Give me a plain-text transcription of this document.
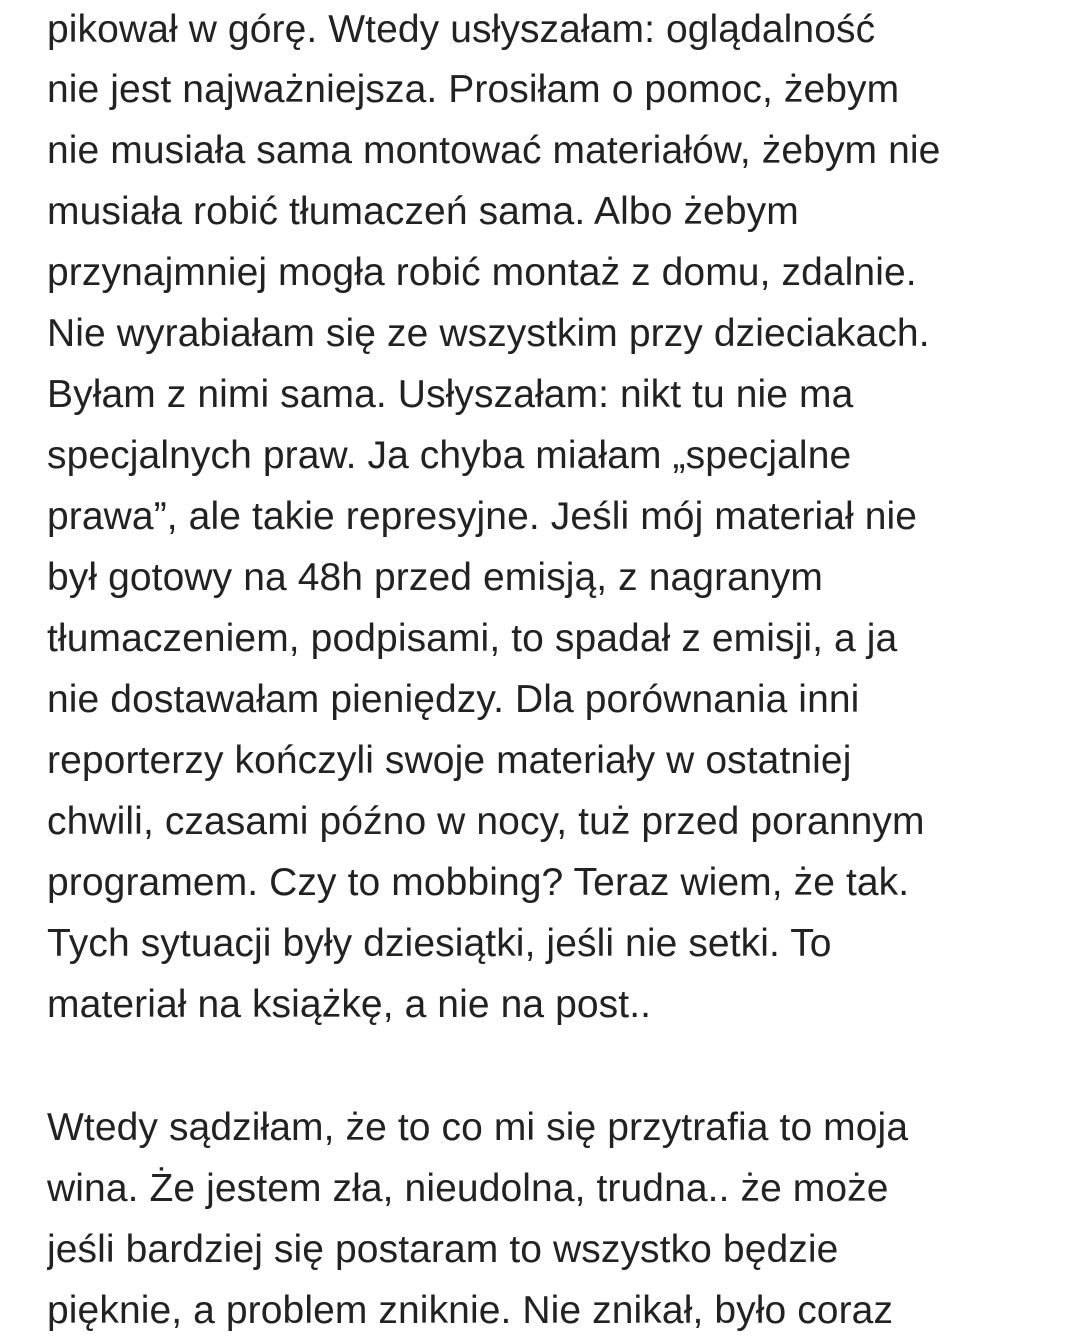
pikował w górę. Wtedy usłyszałam: oglądalność
nie jest najważniejsza. Prosiłam o pomoc, żebym
nie musiała sama montować materiałów, żebym nie
musiała robić tłumaczeń sama. Albo żebym
przynajmniej mogła robić montaż z domu, zdalnie.
Nie wyrabiałam się ze wszystkim przy dzieciakach.
Byłam z nimi sama. Usłyszałam: nikt tu nie ma
specjalnych praw. Ja chyba miałam „specjalne
prawa”, ale takie represyjne. Jeśli mój materiał nie
był gotowy na 48h przed emisją, z nagranym
tłumaczeniem, podpisami, to spadał z emisji, a ja
nie dostawałam pieniędzy. Dla porównania inni
reporterzy kończyli swoje materiały w ostatniej
chwili, czasami późno w nocy, tuż przed porannym
programem. Czy to mobbing? Teraz wiem, że tak.
Tych sytuacji były dziesiątki, jeśli nie setki. To
materiał na książkę, a nie na post..
Wtedy sądziłam, że to co mi się przytrafia to moja
wina. Że jestem zła, nieudolna, trudna.. że może
jeśli bardziej się postaram to wszystko będzie
pięknie, a problem zniknie. Nie znikał, było coraz
